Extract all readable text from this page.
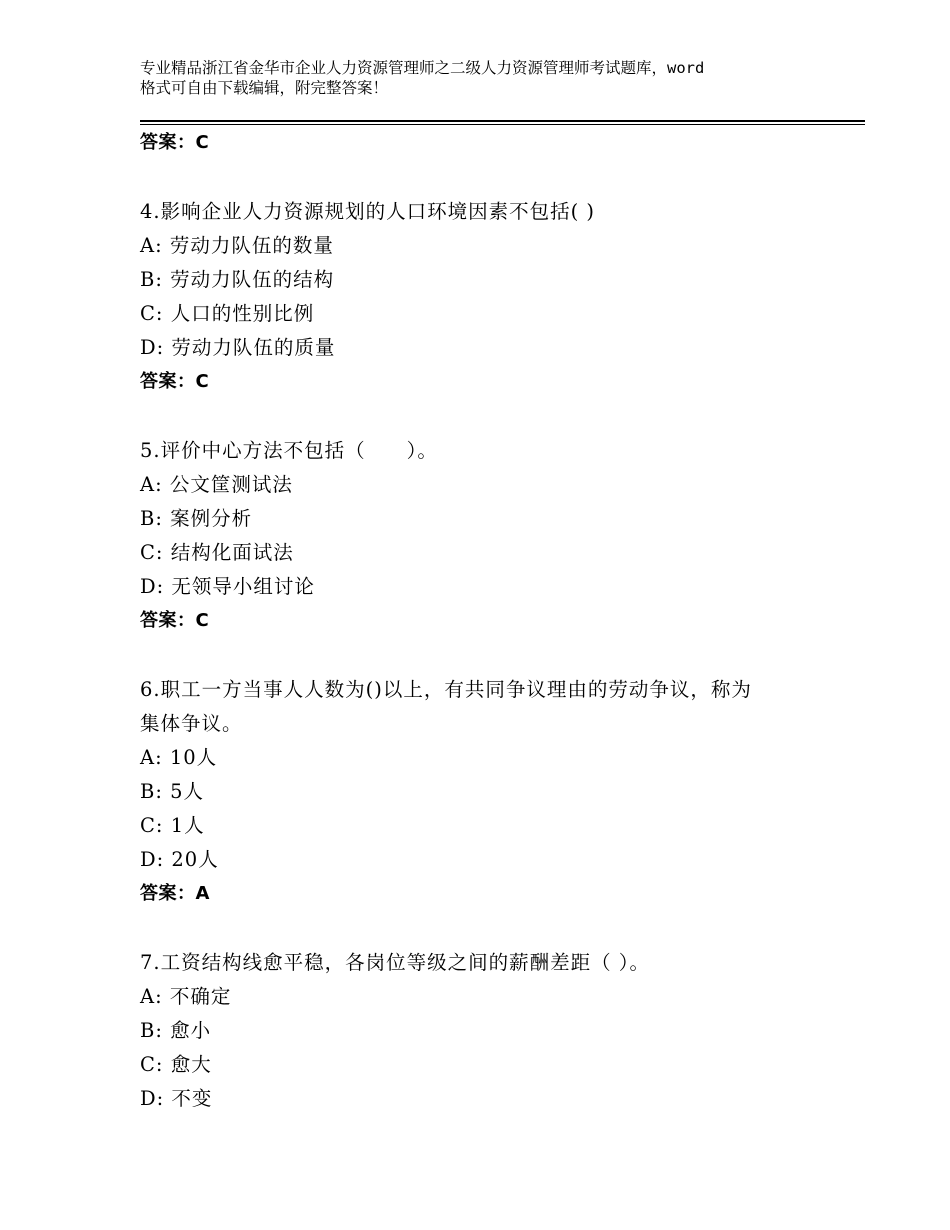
专业精品浙江省金华市企业人力资源管理师之二级人力资源管理师考试题库，word
格式可自由下载编辑，附完整答案！
答案：C
4.影响企业人力资源规划的人口环境因素不包括( )
A: 劳动力队伍的数量
B: 劳动力队伍的结构
C: 人口的性别比例
D: 劳动力队伍的质量
答案：C
5.评价中心方法不包括（　　）。
A: 公文筐测试法
B: 案例分析
C: 结构化面试法
D: 无领导小组讨论
答案：C
6.职工一方当事人人数为()以上，有共同争议理由的劳动争议，称为
集体争议。
A: 10人
B: 5人
C: 1人
D: 20人
答案：A
7.工资结构线愈平稳，各岗位等级之间的薪酬差距（ ）。
A: 不确定
B: 愈小
C: 愈大
D: 不变
